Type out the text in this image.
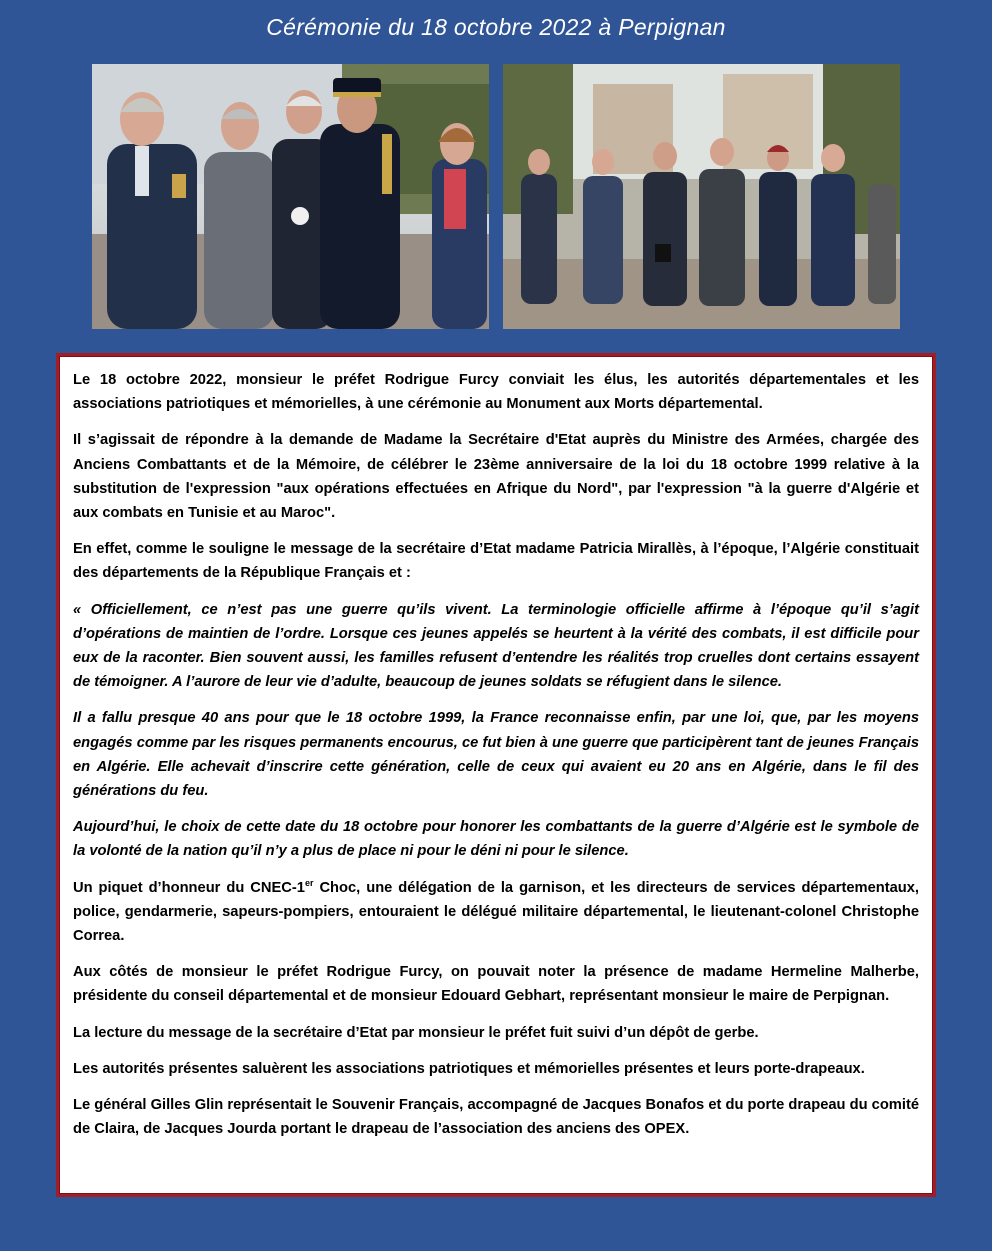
Cérémonie du 18 octobre 2022 à Perpignan

Le 18 octobre 2022, monsieur le préfet Rodrigue Furcy conviait les élus, les autorités départementales et les associations patriotiques et mémorielles, à une cérémonie au Monument aux Morts départemental.

Il s’agissait de répondre à la demande de Madame la Secrétaire d'Etat auprès du Ministre des Armées, chargée des Anciens Combattants et de la Mémoire, de célébrer le 23ème anniversaire de la loi du 18 octobre 1999 relative à la substitution de l'expression "aux opérations effectuées en Afrique du Nord", par l'expression "à la guerre d'Algérie et aux combats en Tunisie et au Maroc".

En effet, comme le souligne le message de la secrétaire d’Etat madame Patricia Mirallès, à l’époque, l’Algérie constituait des départements de la République Français et :

« Officiellement, ce n’est pas une guerre qu’ils vivent. La terminologie officielle affirme à l’époque qu’il s’agit d’opérations de maintien de l’ordre. Lorsque ces jeunes appelés se heurtent à la vérité des combats, il est difficile pour eux de la raconter. Bien souvent aussi, les familles refusent d’entendre les réalités trop cruelles dont certains essayent de témoigner. A l’aurore de leur vie d’adulte, beaucoup de jeunes soldats se réfugient dans le silence.

Il a fallu presque 40 ans pour que le 18 octobre 1999, la France reconnaisse enfin, par une loi, que, par les moyens engagés comme par les risques permanents encourus, ce fut bien à une guerre que participèrent tant de jeunes Français en Algérie. Elle achevait d’inscrire cette génération, celle de ceux qui avaient eu 20 ans en Algérie, dans le fil des générations du feu.

Aujourd’hui, le choix de cette date du 18 octobre pour honorer les combattants de la guerre d’Algérie est le symbole de la volonté de la nation qu’il n’y a plus de place ni pour le déni ni pour le silence.

Un piquet d’honneur du CNEC-1er Choc, une délégation de la garnison, et les directeurs de services départementaux, police, gendarmerie, sapeurs-pompiers, entouraient le délégué militaire départemental, le lieutenant-colonel Christophe Correa.

Aux côtés de monsieur le préfet Rodrigue Furcy, on pouvait noter la présence de madame Hermeline Malherbe, présidente du conseil départemental et de monsieur Edouard Gebhart, représentant monsieur le maire de Perpignan.

La lecture du message de la secrétaire d’Etat par monsieur le préfet fuit suivi d’un dépôt de gerbe.

Les autorités présentes saluèrent les associations patriotiques et mémorielles présentes et leurs porte-drapeaux.

Le général Gilles Glin représentait le Souvenir Français, accompagné de Jacques Bonafos et du porte drapeau du comité de Claira, de Jacques Jourda portant le drapeau de l’association des anciens des OPEX.
